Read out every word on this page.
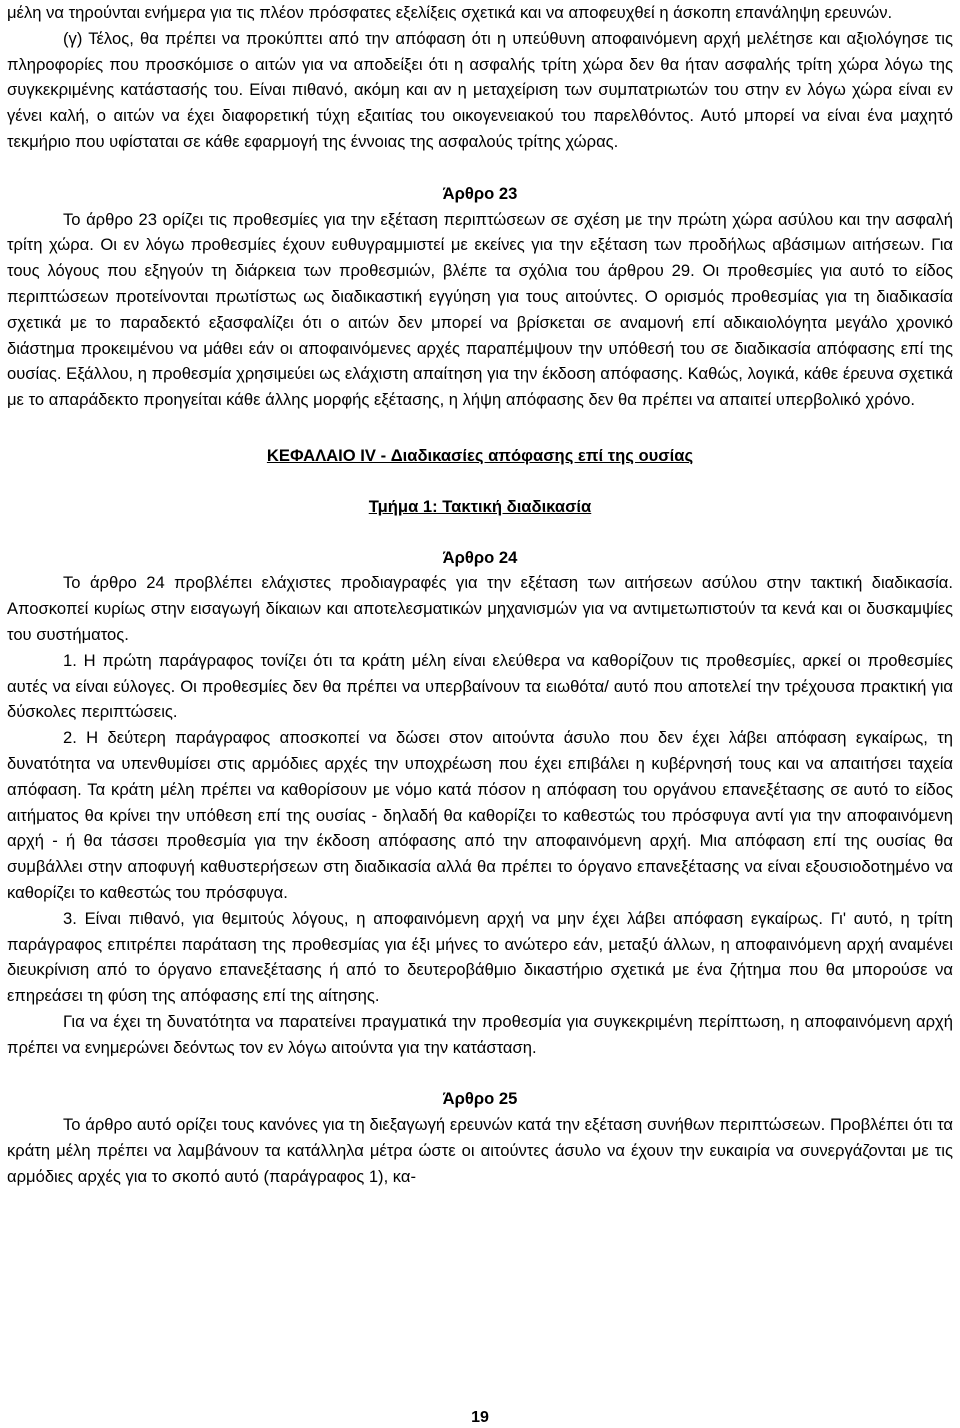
μέλη να τηρούνται ενήμερα για τις πλέον πρόσφατες εξελίξεις σχετικά και να αποφευχθεί η άσκοπη επανάληψη ερευνών.

(γ) Τέλος, θα πρέπει να προκύπτει από την απόφαση ότι η υπεύθυνη αποφαινόμενη αρχή μελέτησε και αξιολόγησε τις πληροφορίες που προσκόμισε ο αιτών για να αποδείξει ότι η ασφαλής τρίτη χώρα δεν θα ήταν ασφαλής τρίτη χώρα λόγω της συγκεκριμένης κατάστασής του. Είναι πιθανό, ακόμη και αν η μεταχείριση των συμπατριωτών του στην εν λόγω χώρα είναι εν γένει καλή, ο αιτών να έχει διαφορετική τύχη εξαιτίας του οικογενειακού του παρελθόντος. Αυτό μπορεί να είναι ένα μαχητό τεκμήριο που υφίσταται σε κάθε εφαρμογή της έννοιας της ασφαλούς τρίτης χώρας.

Άρθρο 23

Το άρθρο 23 ορίζει τις προθεσμίες για την εξέταση περιπτώσεων σε σχέση με την πρώτη χώρα ασύλου και την ασφαλή τρίτη χώρα. Οι εν λόγω προθεσμίες έχουν ευθυγραμμιστεί με εκείνες για την εξέταση των προδήλως αβάσιμων αιτήσεων. Για τους λόγους που εξηγούν τη διάρκεια των προθεσμιών, βλέπε τα σχόλια του άρθρου 29. Οι προθεσμίες για αυτό το είδος περιπτώσεων προτείνονται πρωτίστως ως διαδικαστική εγγύηση για τους αιτούντες. Ο ορισμός προθεσμίας για τη διαδικασία σχετικά με το παραδεκτό εξασφαλίζει ότι ο αιτών δεν μπορεί να βρίσκεται σε αναμονή επί αδικαιολόγητα μεγάλο χρονικό διάστημα προκειμένου να μάθει εάν οι αποφαινόμενες αρχές παραπέμψουν την υπόθεσή του σε διαδικασία απόφασης επί της ουσίας. Εξάλλου, η προθεσμία χρησιμεύει ως ελάχιστη απαίτηση για την έκδοση απόφασης. Καθώς, λογικά, κάθε έρευνα σχετικά με το απαράδεκτο προηγείται κάθε άλλης μορφής εξέτασης, η λήψη απόφασης δεν θα πρέπει να απαιτεί υπερβολικό χρόνο.

ΚΕΦΑΛΑΙΟ IV - Διαδικασίες απόφασης επί της ουσίας
Τμήμα 1: Τακτική διαδικασία
Άρθρο 24

Το άρθρο 24 προβλέπει ελάχιστες προδιαγραφές για την εξέταση των αιτήσεων ασύλου στην τακτική διαδικασία. Αποσκοπεί κυρίως στην εισαγωγή δίκαιων και αποτελεσματικών μηχανισμών για να αντιμετωπιστούν τα κενά και οι δυσκαμψίες του συστήματος.

1. Η πρώτη παράγραφος τονίζει ότι τα κράτη μέλη είναι ελεύθερα να καθορίζουν τις προθεσμίες, αρκεί οι προθεσμίες αυτές να είναι εύλογες. Οι προθεσμίες δεν θα πρέπει να υπερβαίνουν τα ειωθότα/ αυτό που αποτελεί την τρέχουσα πρακτική για δύσκολες περιπτώσεις.

2. Η δεύτερη παράγραφος αποσκοπεί να δώσει στον αιτούντα άσυλο που δεν έχει λάβει απόφαση εγκαίρως, τη δυνατότητα να υπενθυμίσει στις αρμόδιες αρχές την υποχρέωση που έχει επιβάλει η κυβέρνησή τους και να απαιτήσει ταχεία απόφαση. Τα κράτη μέλη πρέπει να καθορίσουν με νόμο κατά πόσον η απόφαση του οργάνου επανεξέτασης σε αυτό το είδος αιτήματος θα κρίνει την υπόθεση επί της ουσίας - δηλαδή θα καθορίζει το καθεστώς του πρόσφυγα αντί για την αποφαινόμενη αρχή - ή θα τάσσει προθεσμία για την έκδοση απόφασης από την αποφαινόμενη αρχή. Μια απόφαση επί της ουσίας θα συμβάλλει στην αποφυγή καθυστερήσεων στη διαδικασία αλλά θα πρέπει το όργανο επανεξέτασης να είναι εξουσιοδοτημένο να καθορίζει το καθεστώς του πρόσφυγα.

3. Είναι πιθανό, για θεμιτούς λόγους, η αποφαινόμενη αρχή να μην έχει λάβει απόφαση εγκαίρως. Γι' αυτό, η τρίτη παράγραφος επιτρέπει παράταση της προθεσμίας για έξι μήνες το ανώτερο εάν, μεταξύ άλλων, η αποφαινόμενη αρχή αναμένει διευκρίνιση από το όργανο επανεξέτασης ή από το δευτεροβάθμιο δικαστήριο σχετικά με ένα ζήτημα που θα μπορούσε να επηρεάσει τη φύση της απόφασης επί της αίτησης.

Για να έχει τη δυνατότητα να παρατείνει πραγματικά την προθεσμία για συγκεκριμένη περίπτωση, η αποφαινόμενη αρχή πρέπει να ενημερώνει δεόντως τον εν λόγω αιτούντα για την κατάσταση.

Άρθρο 25

Το άρθρο αυτό ορίζει τους κανόνες για τη διεξαγωγή ερευνών κατά την εξέταση συνήθων περιπτώσεων. Προβλέπει ότι τα κράτη μέλη πρέπει να λαμβάνουν τα κατάλληλα μέτρα ώστε οι αιτούντες άσυλο να έχουν την ευκαιρία να συνεργάζονται με τις αρμόδιες αρχές για το σκοπό αυτό (παράγραφος 1), κα-

19
